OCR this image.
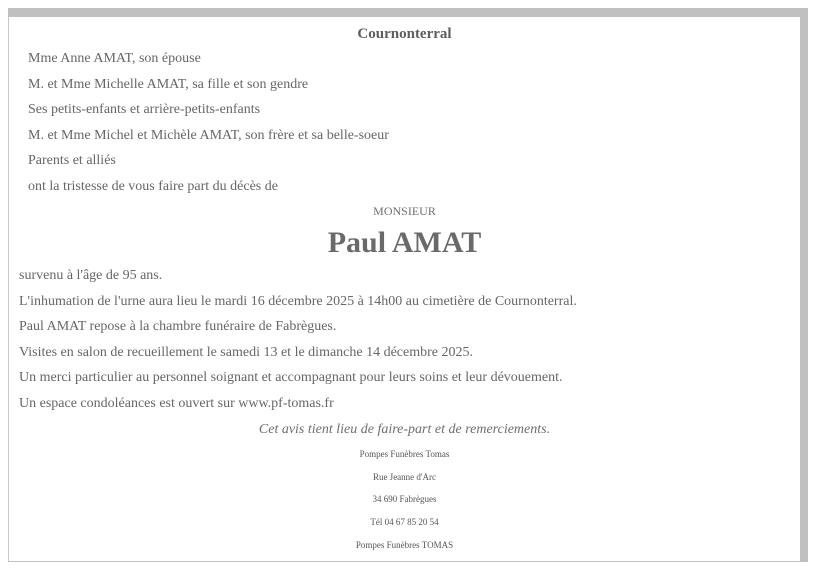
Cournonterral
Mme Anne AMAT, son épouse
M. et Mme Michelle AMAT, sa fille et son gendre
Ses petits-enfants et arrière-petits-enfants
M. et Mme Michel et Michèle AMAT, son frère et sa belle-soeur
Parents et alliés
ont la tristesse de vous faire part du décès de
MONSIEUR
Paul AMAT
survenu à l'âge de 95 ans.
L'inhumation de l'urne aura lieu le mardi 16 décembre 2025 à 14h00 au cimetière de Cournonterral.
Paul AMAT repose à la chambre funéraire de Fabrègues.
Visites en salon de recueillement le samedi 13 et le dimanche 14 décembre 2025.
Un merci particulier au personnel soignant et accompagnant pour leurs soins et leur dévouement.
Un espace condoléances est ouvert sur www.pf-tomas.fr
Cet avis tient lieu de faire-part et de remerciements.
Pompes Funèbres Tomas
Rue Jeanne d'Arc
34 690 Fabrègues
Tél 04 67 85 20 54
Pompes Funèbres TOMAS
